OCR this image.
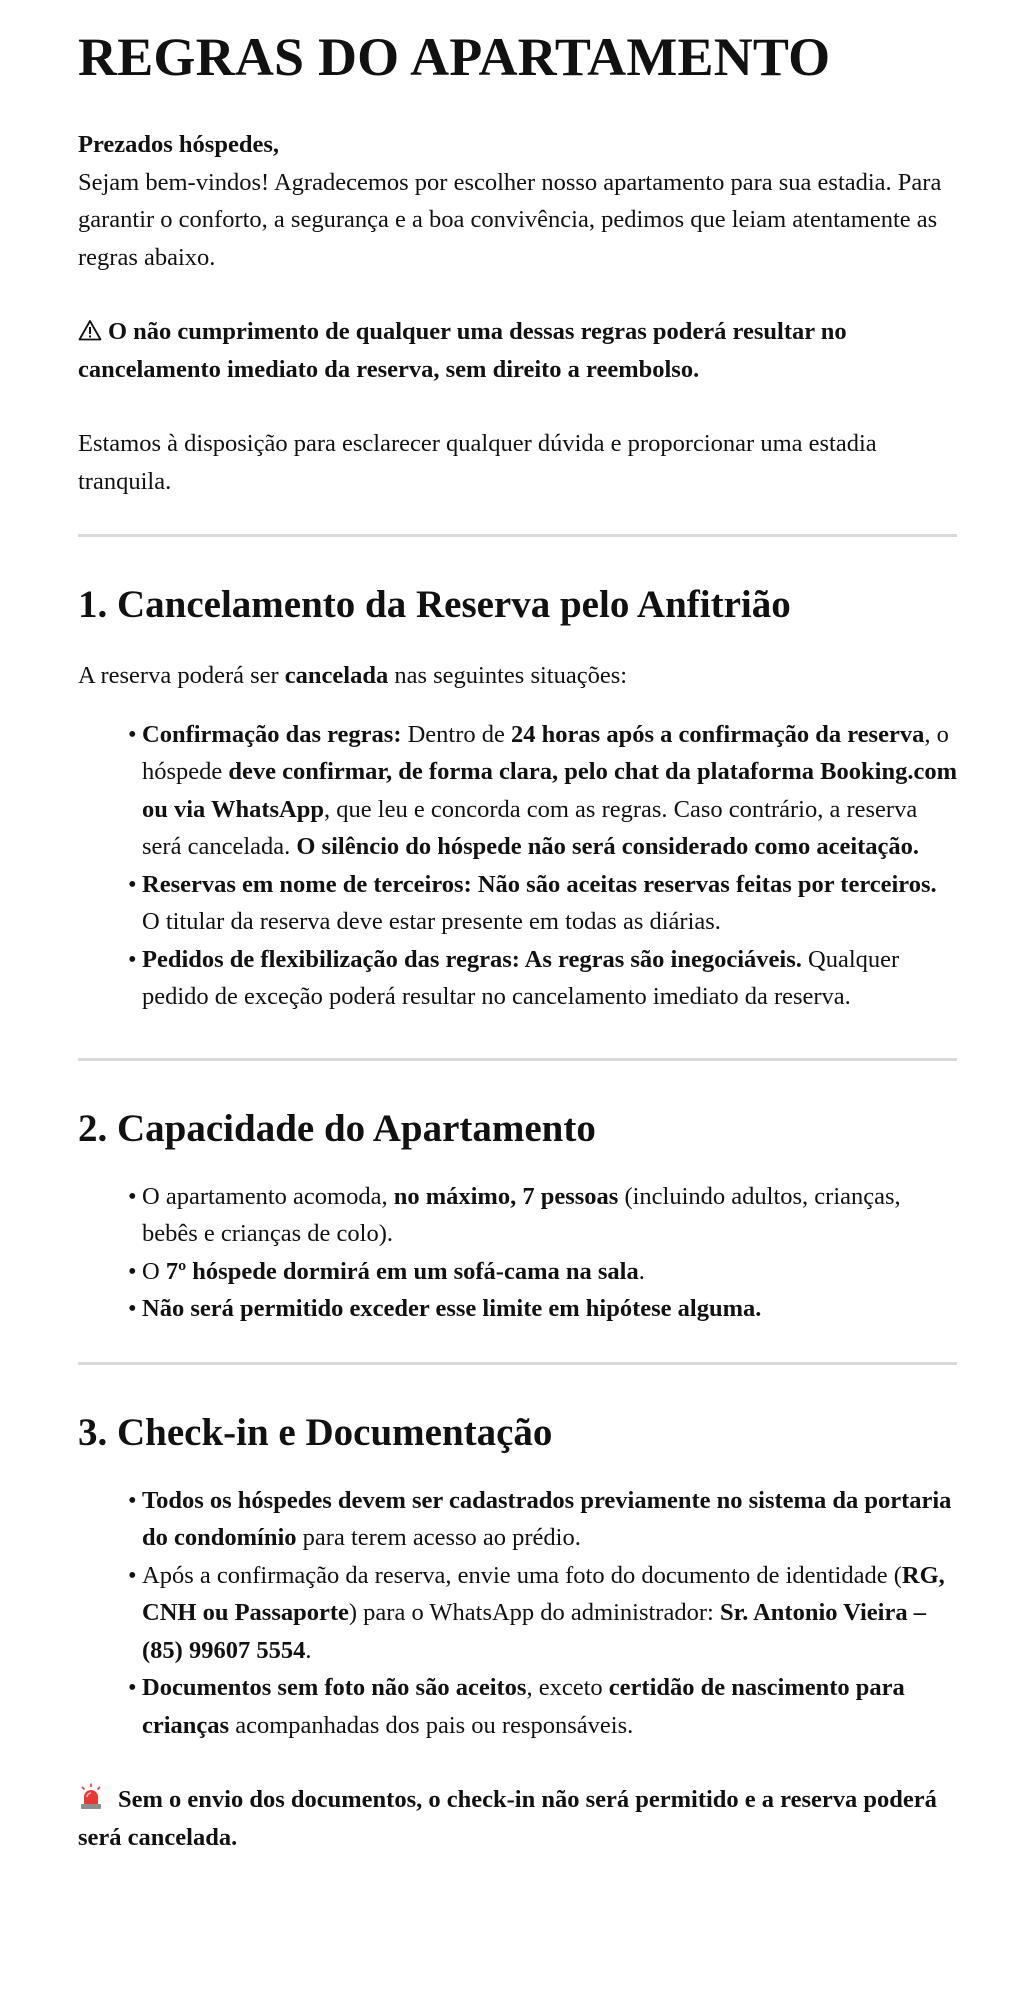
REGRAS DO APARTAMENTO

Prezados hóspedes,

Sejam bem-vindos! Agradecemos por escolher nosso apartamento para sua estadia. Para garantir o conforto, a segurança e a boa convivência, pedimos que leiam atentamente as regras abaixo.

O não cumprimento de qualquer uma dessas regras poderá resultar no cancelamento imediato da reserva, sem direito a reembolso.

Estamos à disposição para esclarecer qualquer dúvida e proporcionar uma estadia tranquila.

1. Cancelamento da Reserva pelo Anfitrião

A reserva poderá ser cancelada nas seguintes situações:

• Confirmação das regras: Dentro de 24 horas após a confirmação da reserva, o hóspede deve confirmar, de forma clara, pelo chat da plataforma Booking.com ou via WhatsApp, que leu e concorda com as regras. Caso contrário, a reserva será cancelada. O silêncio do hóspede não será considerado como aceitação.
• Reservas em nome de terceiros: Não são aceitas reservas feitas por terceiros. O titular da reserva deve estar presente em todas as diárias.
• Pedidos de flexibilização das regras: As regras são inegociáveis. Qualquer pedido de exceção poderá resultar no cancelamento imediato da reserva.
2. Capacidade do Apartamento
• O apartamento acomoda, no máximo, 7 pessoas (incluindo adultos, crianças, bebês e crianças de colo).
• O 7º hóspede dormirá em um sofá-cama na sala.
• Não será permitido exceder esse limite em hipótese alguma.
3. Check-in e Documentação
• Todos os hóspedes devem ser cadastrados previamente no sistema da portaria do condomínio para terem acesso ao prédio.
• Após a confirmação da reserva, envie uma foto do documento de identidade (RG, CNH ou Passaporte) para o WhatsApp do administrador: Sr. Antonio Vieira – (85) 99607 5554.
• Documentos sem foto não são aceitos, exceto certidão de nascimento para crianças acompanhadas dos pais ou responsáveis.

Sem o envio dos documentos, o check-in não será permitido e a reserva poderá será cancelada.
